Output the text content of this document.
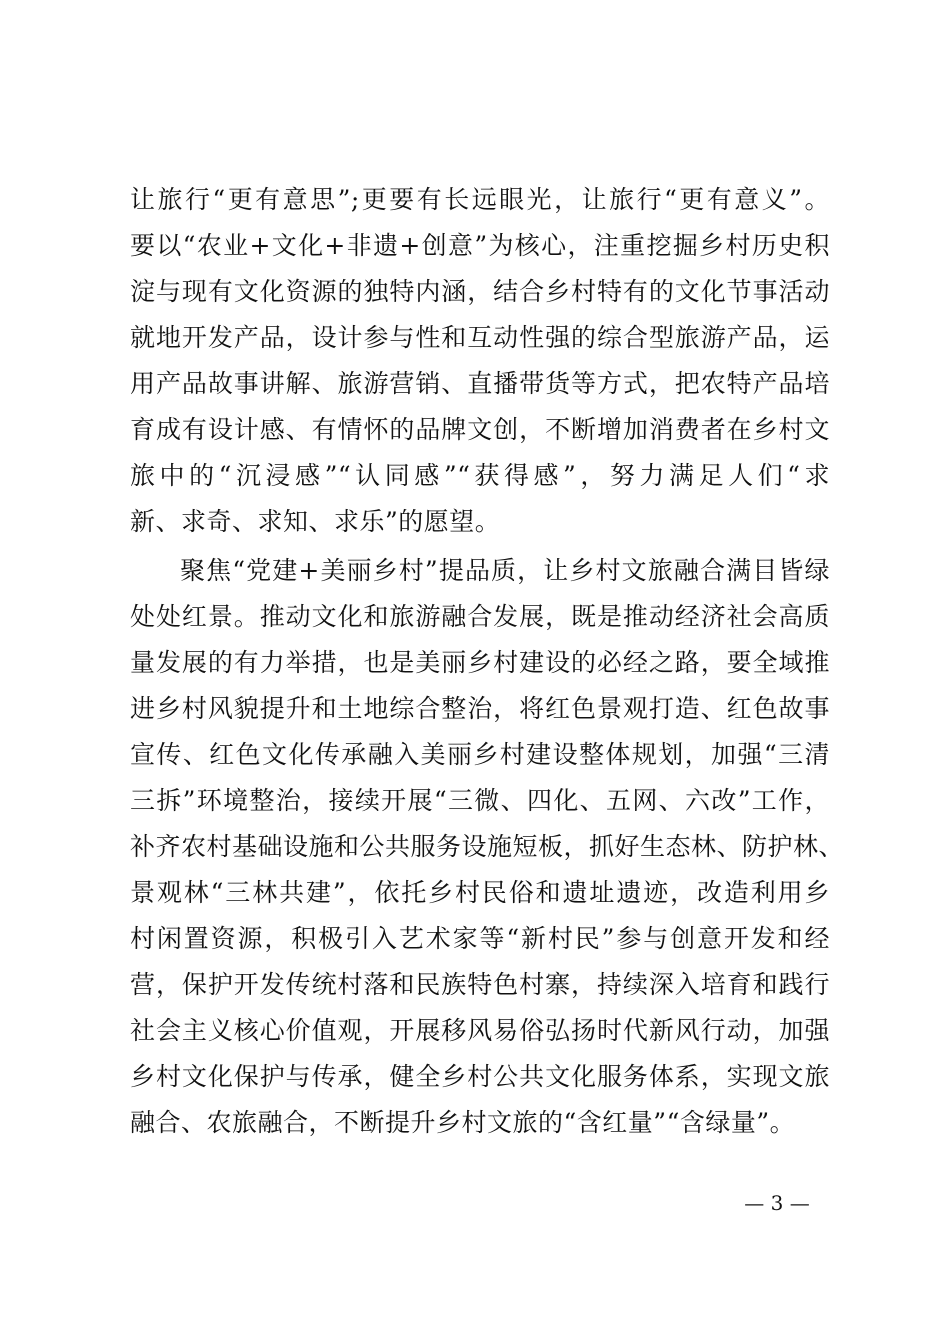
让旅行“更有意思”;更要有长远眼光，让旅行“更有意义”。
要以“农业+文化+非遗+创意”为核心，注重挖掘乡村历史积
淀与现有文化资源的独特内涵，结合乡村特有的文化节事活动
就地开发产品，设计参与性和互动性强的综合型旅游产品，运
用产品故事讲解、旅游营销、直播带货等方式，把农特产品培
育成有设计感、有情怀的品牌文创，不断增加消费者在乡村文
旅中的“沉浸感”“认同感”“获得感”，努力满足人们“求
新、求奇、求知、求乐”的愿望。
聚焦“党建+美丽乡村”提品质，让乡村文旅融合满目皆绿
处处红景。推动文化和旅游融合发展，既是推动经济社会高质
量发展的有力举措，也是美丽乡村建设的必经之路，要全域推
进乡村风貌提升和土地综合整治，将红色景观打造、红色故事
宣传、红色文化传承融入美丽乡村建设整体规划，加强“三清
三拆”环境整治，接续开展“三微、四化、五网、六改”工作，
补齐农村基础设施和公共服务设施短板，抓好生态林、防护林、
景观林“三林共建”，依托乡村民俗和遗址遗迹，改造利用乡
村闲置资源，积极引入艺术家等“新村民”参与创意开发和经
营，保护开发传统村落和民族特色村寨，持续深入培育和践行
社会主义核心价值观，开展移风易俗弘扬时代新风行动，加强
乡村文化保护与传承，健全乡村公共文化服务体系，实现文旅
融合、农旅融合，不断提升乡村文旅的“含红量”“含绿量”。
— 3 —
